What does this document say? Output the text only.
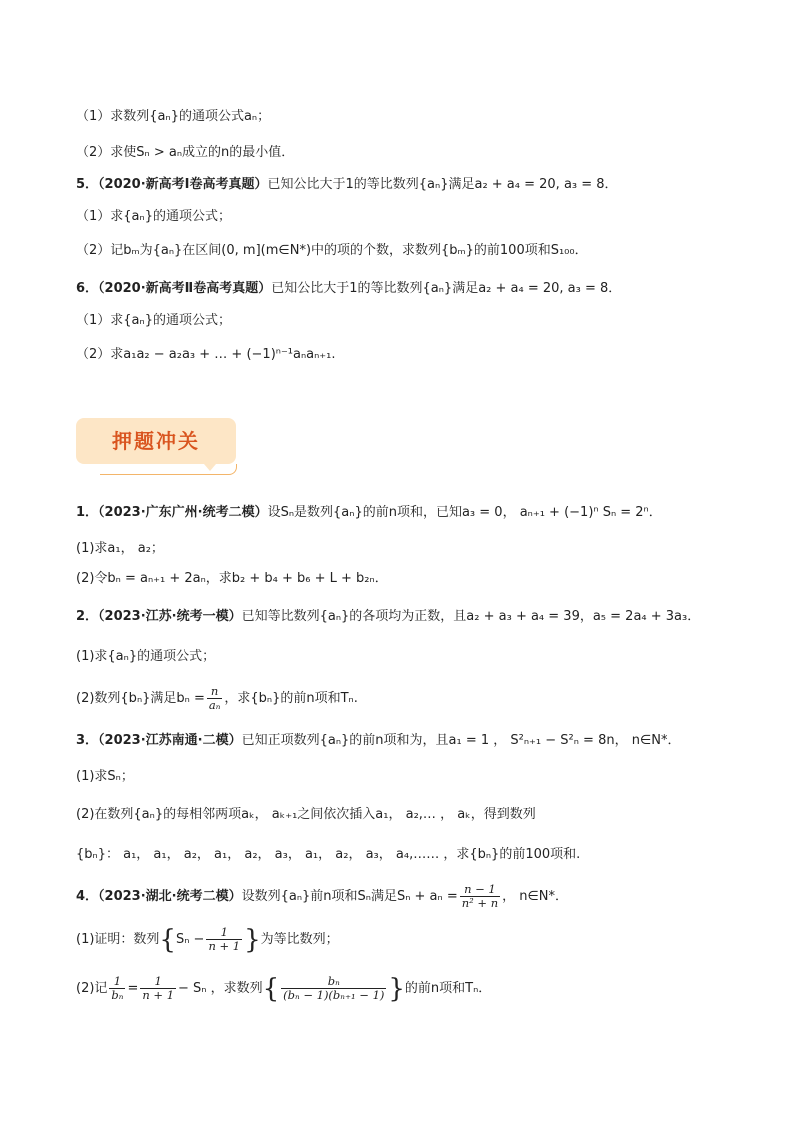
（1）求数列{aₙ}的通项公式aₙ；
（2）求使Sₙ > aₙ成立的n的最小值．
5．（2020·新高考Ⅰ卷高考真题）已知公比大于1的等比数列{aₙ}满足a₂ + a₄ = 20, a₃ = 8．
（1）求{aₙ}的通项公式；
（2）记bₘ为{aₙ}在区间(0, m](m∈N*)中的项的个数，求数列{bₘ}的前100项和S₁₀₀．
6．（2020·新高考Ⅱ卷高考真题）已知公比大于1的等比数列{aₙ}满足a₂ + a₄ = 20, a₃ = 8．
（1）求{aₙ}的通项公式；
（2）求a₁a₂ − a₂a₃ + … + (−1)ⁿ⁻¹aₙaₙ₊₁.
押题冲关
1．（2023·广东广州·统考二模）设Sₙ是数列{aₙ}的前n项和，已知a₃ = 0， aₙ₊₁ + (−1)ⁿ Sₙ = 2ⁿ．
(1)求a₁， a₂；
(2)令bₙ = aₙ₊₁ + 2aₙ，求b₂ + b₄ + b₆ + L + b₂ₙ．
2．（2023·江苏·统考一模）已知等比数列{aₙ}的各项均为正数，且a₂ + a₃ + a₄ = 39，a₅ = 2a₄ + 3a₃．
(1)求{aₙ}的通项公式；
(2)数列{bₙ}满足$b_n = \frac{n}{\text{aₙ}}$ ，求{bₙ}的前n项和Tₙ.
3．（2023·江苏南通·二模）已知正项数列{aₙ}的前n项和为，且a₁ = 1 ， S²ₙ₊₁ − S²ₙ = 8n， n∈N*．
(1)求Sₙ；
(2)在数列{aₙ}的每相邻两项aₖ， aₖ₊₁之间依次插入a₁， a₂,… ， aₖ，得到数列
{bₙ}： a₁， a₁， a₂， a₁， a₂， a₃， a₁， a₂， a₃， a₄,…… ，求{bₙ}的前100项和.
4．（2023·湖北·统考二模）设数列{aₙ}前n项和Sₙ满足$S_n + a_n = \frac{n - 1}{\text{n² + n}}$ ， n∈N*．
(1)证明：数列{$S_n - \frac{1}{n + 1}$ }为等比数列；
(2)记 $\frac{1}{\text{bₙ}} = \frac{1}{n + 1} - S_n$ ，求数列{ $\frac{\text{bₙ}}{\text{(bₙ − 1)(bₙ₊₁ − 1)}}$ }的前n项和Tₙ．
